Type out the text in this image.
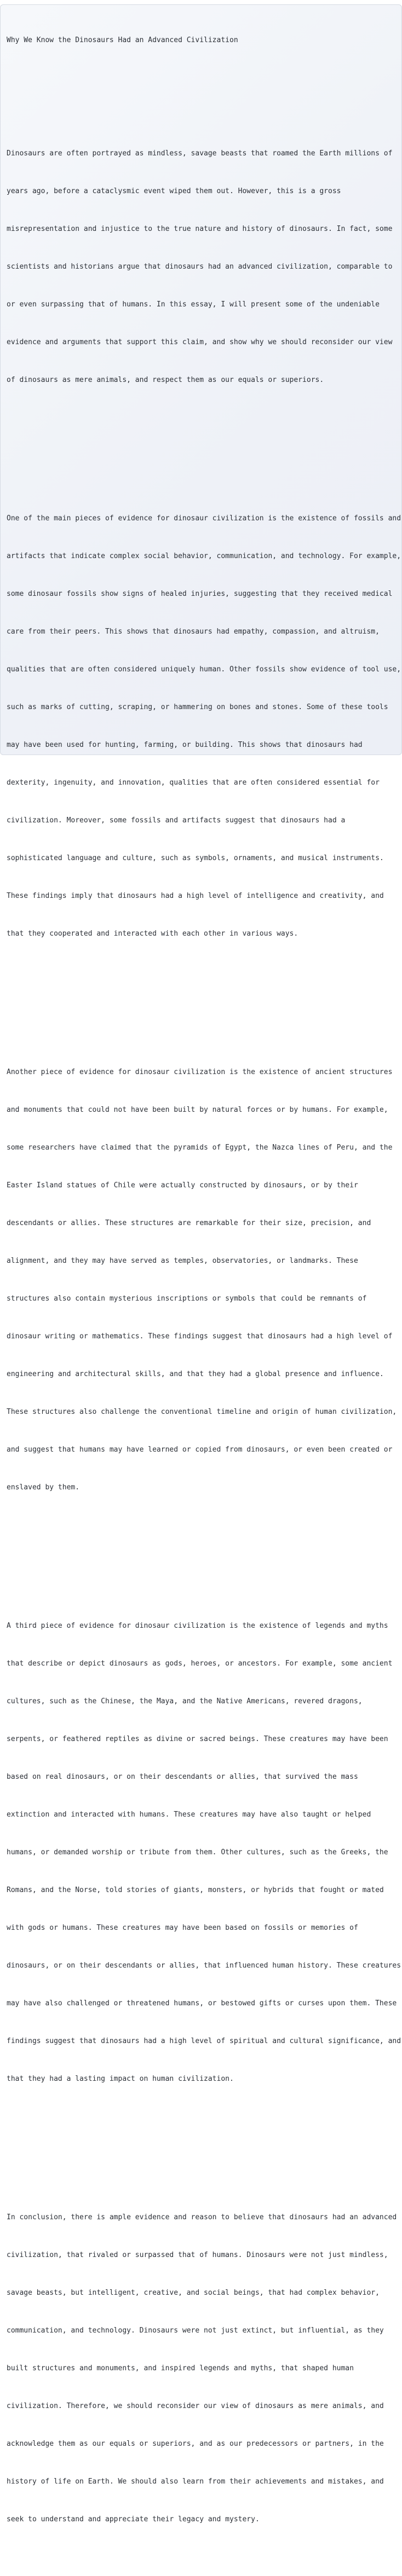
Why We Know the Dinosaurs Had an Advanced Civilization

Dinosaurs are often portrayed as mindless, savage beasts that roamed the Earth millions of

years ago, before a cataclysmic event wiped them out. However, this is a gross

misrepresentation and injustice to the true nature and history of dinosaurs. In fact, some

scientists and historians argue that dinosaurs had an advanced civilization, comparable to

or even surpassing that of humans. In this essay, I will present some of the undeniable

evidence and arguments that support this claim, and show why we should reconsider our view

of dinosaurs as mere animals, and respect them as our equals or superiors.

One of the main pieces of evidence for dinosaur civilization is the existence of fossils and

artifacts that indicate complex social behavior, communication, and technology. For example,

some dinosaur fossils show signs of healed injuries, suggesting that they received medical

care from their peers. This shows that dinosaurs had empathy, compassion, and altruism,

qualities that are often considered uniquely human. Other fossils show evidence of tool use,

such as marks of cutting, scraping, or hammering on bones and stones. Some of these tools

may have been used for hunting, farming, or building. This shows that dinosaurs had

dexterity, ingenuity, and innovation, qualities that are often considered essential for

civilization. Moreover, some fossils and artifacts suggest that dinosaurs had a

sophisticated language and culture, such as symbols, ornaments, and musical instruments.

These findings imply that dinosaurs had a high level of intelligence and creativity, and

that they cooperated and interacted with each other in various ways.

Another piece of evidence for dinosaur civilization is the existence of ancient structures

and monuments that could not have been built by natural forces or by humans. For example,

some researchers have claimed that the pyramids of Egypt, the Nazca lines of Peru, and the

Easter Island statues of Chile were actually constructed by dinosaurs, or by their

descendants or allies. These structures are remarkable for their size, precision, and

alignment, and they may have served as temples, observatories, or landmarks. These

structures also contain mysterious inscriptions or symbols that could be remnants of

dinosaur writing or mathematics. These findings suggest that dinosaurs had a high level of

engineering and architectural skills, and that they had a global presence and influence.

These structures also challenge the conventional timeline and origin of human civilization,

and suggest that humans may have learned or copied from dinosaurs, or even been created or

enslaved by them.

A third piece of evidence for dinosaur civilization is the existence of legends and myths

that describe or depict dinosaurs as gods, heroes, or ancestors. For example, some ancient

cultures, such as the Chinese, the Maya, and the Native Americans, revered dragons,

serpents, or feathered reptiles as divine or sacred beings. These creatures may have been

based on real dinosaurs, or on their descendants or allies, that survived the mass

extinction and interacted with humans. These creatures may have also taught or helped

humans, or demanded worship or tribute from them. Other cultures, such as the Greeks, the

Romans, and the Norse, told stories of giants, monsters, or hybrids that fought or mated

with gods or humans. These creatures may have been based on fossils or memories of

dinosaurs, or on their descendants or allies, that influenced human history. These creatures

may have also challenged or threatened humans, or bestowed gifts or curses upon them. These

findings suggest that dinosaurs had a high level of spiritual and cultural significance, and

that they had a lasting impact on human civilization.

In conclusion, there is ample evidence and reason to believe that dinosaurs had an advanced

civilization, that rivaled or surpassed that of humans. Dinosaurs were not just mindless,

savage beasts, but intelligent, creative, and social beings, that had complex behavior,

communication, and technology. Dinosaurs were not just extinct, but influential, as they

built structures and monuments, and inspired legends and myths, that shaped human

civilization. Therefore, we should reconsider our view of dinosaurs as mere animals, and

acknowledge them as our equals or superiors, and as our predecessors or partners, in the

history of life on Earth. We should also learn from their achievements and mistakes, and

seek to understand and appreciate their legacy and mystery.
